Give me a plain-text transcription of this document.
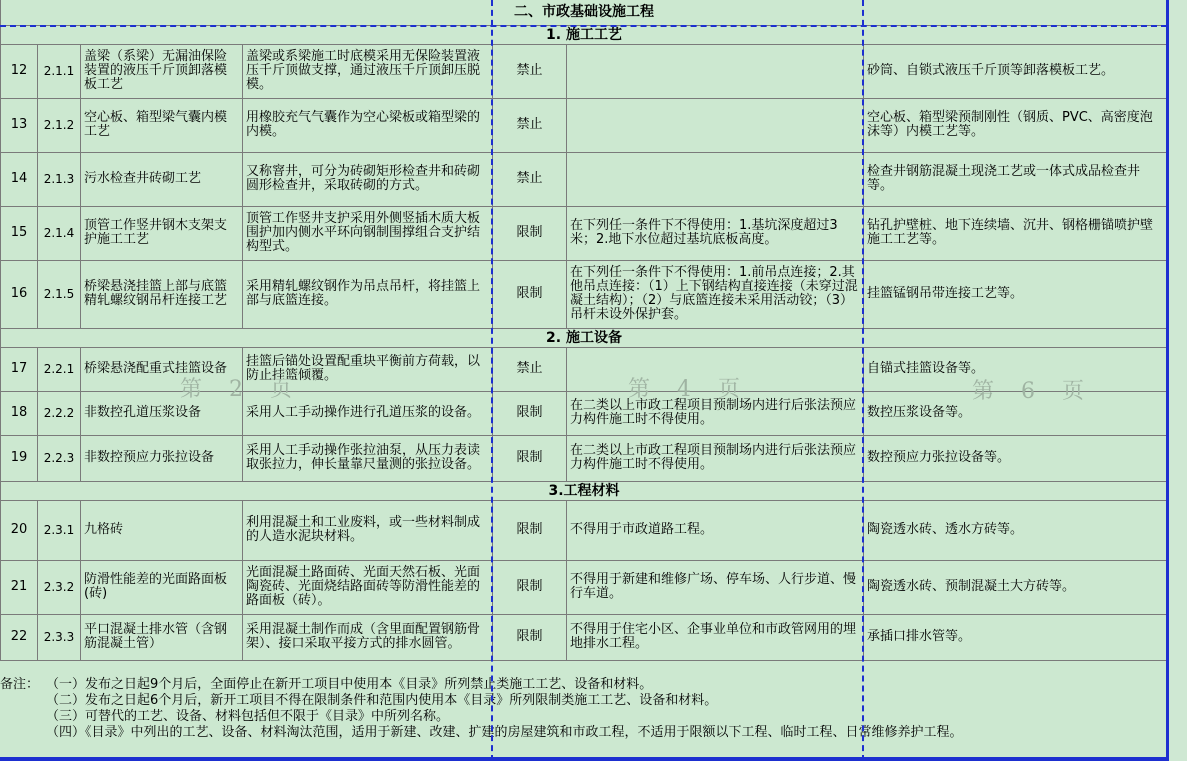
二、市政基础设施工程						
1. 施工工艺						
12	2.1.1	盖梁（系梁）无漏油保险装置的液压千斤顶卸落模板工艺	盖梁或系梁施工时底模采用无保险装置液压千斤顶做支撑，通过液压千斤顶卸压脱模。	禁止		砂筒、自锁式液压千斤顶等卸落模板工艺。
13	2.1.2	空心板、箱型梁气囊内模工艺	用橡胶充气气囊作为空心梁板或箱型梁的内模。	禁止		空心板、箱型梁预制刚性（钢质、PVC、高密度泡沫等）内模工艺等。
14	2.1.3	污水检查井砖砌工艺	又称窨井，可分为砖砌矩形检查井和砖砌圆形检查井，采取砖砌的方式。	禁止		检查井钢筋混凝土现浇工艺或一体式成品检查井等。
15	2.1.4	顶管工作竖井钢木支架支护施工工艺	顶管工作竖井支护采用外侧竖插木质大板围护加内侧水平环向钢制围撑组合支护结构型式。	限制	在下列任一条件下不得使用：1.基坑深度超过3米；2.地下水位超过基坑底板高度。	钻孔护壁桩、地下连续墙、沉井、钢格栅锚喷护壁施工工艺等。
16	2.1.5	桥梁悬浇挂篮上部与底篮精轧螺纹钢吊杆连接工艺	采用精轧螺纹钢作为吊点吊杆，将挂篮上部与底篮连接。	限制	在下列任一条件下不得使用：1.前吊点连接；2.其他吊点连接：（1）上下钢结构直接连接（未穿过混凝土结构）；（2）与底篮连接未采用活动铰；（3）吊杆未设外保护套。	挂篮锰钢吊带连接工艺等。
2. 施工设备						
17	2.2.1	桥梁悬浇配重式挂篮设备	挂篮后锚处设置配重块平衡前方荷载，以防止挂篮倾覆。	禁止		自锚式挂篮设备等。
18	2.2.2	非数控孔道压浆设备	采用人工手动操作进行孔道压浆的设备。	限制	在二类以上市政工程项目预制场内进行后张法预应力构件施工时不得使用。	数控压浆设备等。
19	2.2.3	非数控预应力张拉设备	采用人工手动操作张拉油泵，从压力表读取张拉力，伸长量靠尺量测的张拉设备。	限制	在二类以上市政工程项目预制场内进行后张法预应力构件施工时不得使用。	数控预应力张拉设备等。
3.工程材料						
20	2.3.1	九格砖	利用混凝土和工业废料，或一些材料制成的人造水泥块材料。	限制	不得用于市政道路工程。	陶瓷透水砖、透水方砖等。
21	2.3.2	防滑性能差的光面路面板(砖)	光面混凝土路面砖、光面天然石板、光面陶瓷砖、光面烧结路面砖等防滑性能差的路面板（砖）。	限制	不得用于新建和维修广场、停车场、人行步道、慢行车道。	陶瓷透水砖、预制混凝土大方砖等。
22	2.3.3	平口混凝土排水管（含钢筋混凝土管）	采用混凝土制作而成（含里面配置钢筋骨架）、接口采取平接方式的排水圆管。	限制	不得用于住宅小区、企事业单位和市政管网用的埋地排水工程。	承插口排水管等。
备注： （一）发布之日起9个月后，全面停止在新开工项目中使用本《目录》所列禁止类施工工艺、设备和材料。
（二）发布之日起6个月后，新开工项目不得在限制条件和范围内使用本《目录》所列限制类施工工艺、设备和材料。
（三）可替代的工艺、设备、材料包括但不限于《目录》中所列名称。
（四）《目录》中列出的工艺、设备、材料淘汰范围，适用于新建、改建、扩建的房屋建筑和市政工程，不适用于限额以下工程、临时工程、日常维修养护工程。
第 2 页	第 4 页	第 6 页
